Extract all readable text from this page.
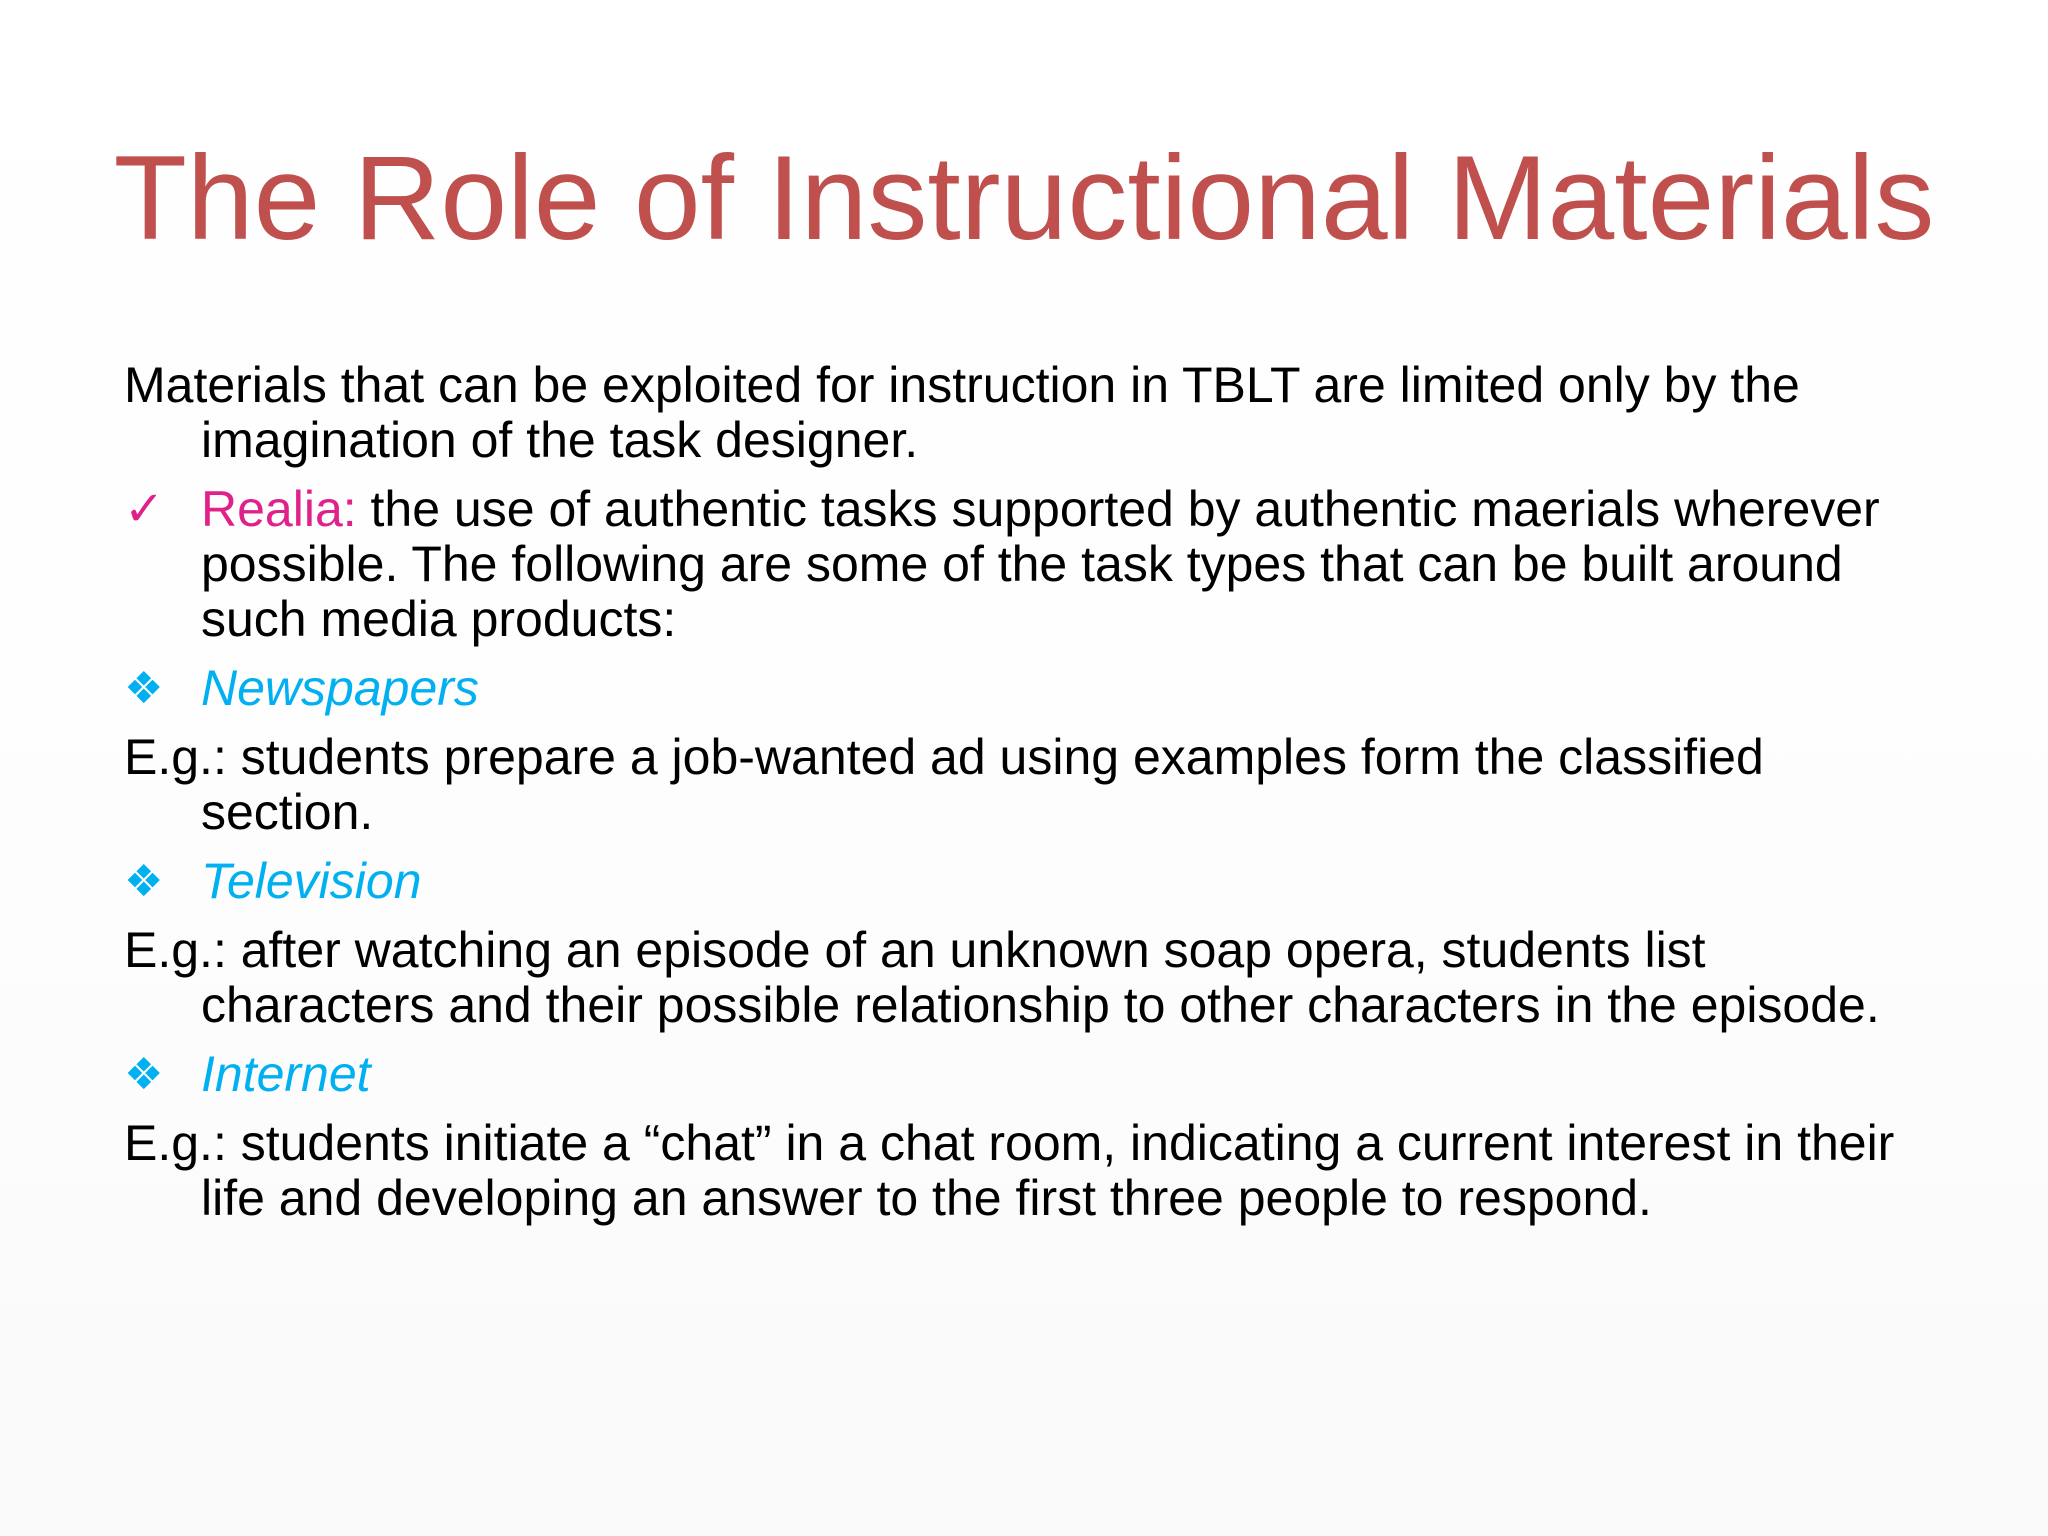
The Role of Instructional Materials
Materials that can be exploited for instruction in TBLT are limited only by the imagination of the task designer.
✓ Realia: the use of authentic tasks supported by authentic maerials wherever possible. The following are some of the task types that can be built around such media products:
❖ Newspapers
E.g.: students prepare a job-wanted ad using examples form the classified section.
❖ Television
E.g.: after watching an episode of an unknown soap opera, students list characters and their possible relationship to other characters in the episode.
❖ Internet
E.g.: students initiate a “chat” in a chat room, indicating a current interest in their life and developing an answer to the first three people to respond.
